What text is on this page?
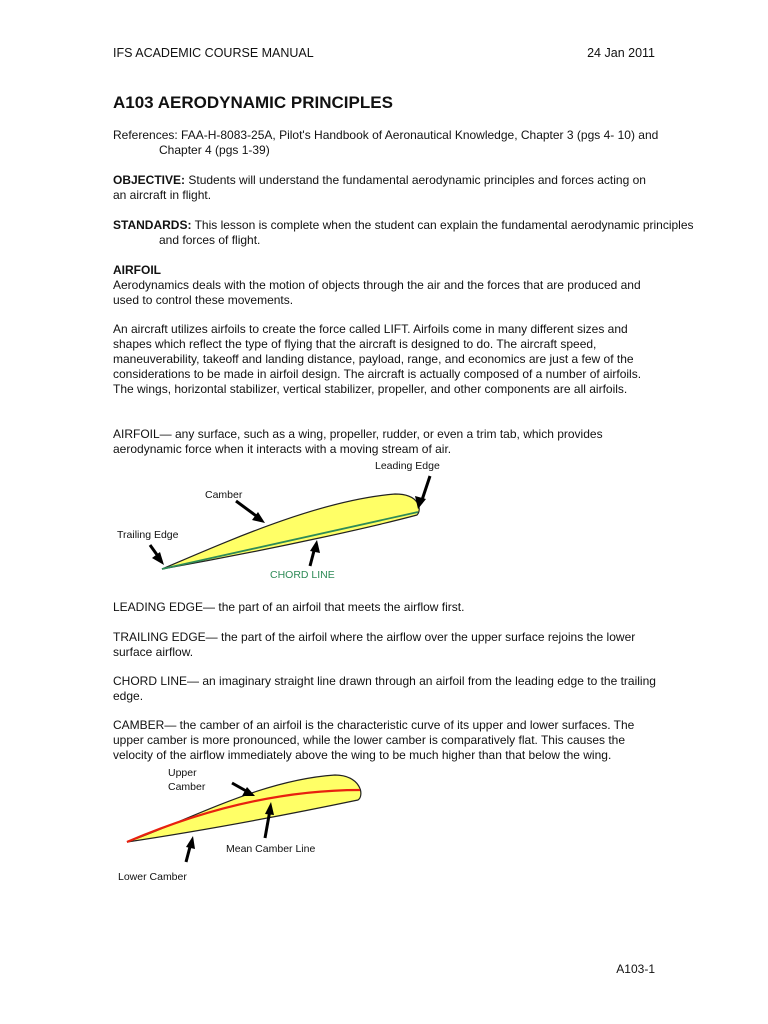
IFS ACADEMIC COURSE MANUAL	24 Jan 2011
A103 AERODYNAMIC PRINCIPLES
References: FAA-H-8083-25A, Pilot's Handbook of Aeronautical Knowledge, Chapter 3 (pgs 4- 10) and Chapter 4 (pgs 1-39)
OBJECTIVE: Students will understand the fundamental aerodynamic principles and forces acting on an aircraft in flight.
STANDARDS: This lesson is complete when the student can explain the fundamental aerodynamic principles and forces of flight.
AIRFOIL
Aerodynamics deals with the motion of objects through the air and the forces that are produced and used to control these movements.
An aircraft utilizes airfoils to create the force called LIFT. Airfoils come in many different sizes and shapes which reflect the type of flying that the aircraft is designed to do. The aircraft speed, maneuverability, takeoff and landing distance, payload, range, and economics are just a few of the considerations to be made in airfoil design. The aircraft is actually composed of a number of airfoils. The wings, horizontal stabilizer, vertical stabilizer, propeller, and other components are all airfoils.
AIRFOIL— any surface, such as a wing, propeller, rudder, or even a trim tab, which provides aerodynamic force when it interacts with a moving stream of air.
Leading Edge
Camber
Trailing Edge
CHORD LINE
LEADING EDGE— the part of an airfoil that meets the airflow first.
TRAILING EDGE— the part of the airfoil where the airflow over the upper surface rejoins the lower surface airflow.
CHORD LINE— an imaginary straight line drawn through an airfoil from the leading edge to the trailing edge.
CAMBER— the camber of an airfoil is the characteristic curve of its upper and lower surfaces. The upper camber is more pronounced, while the lower camber is comparatively flat. This causes the velocity of the airflow immediately above the wing to be much higher than that below the wing.
Upper
Camber
Mean Camber Line
Lower Camber
A103-1
